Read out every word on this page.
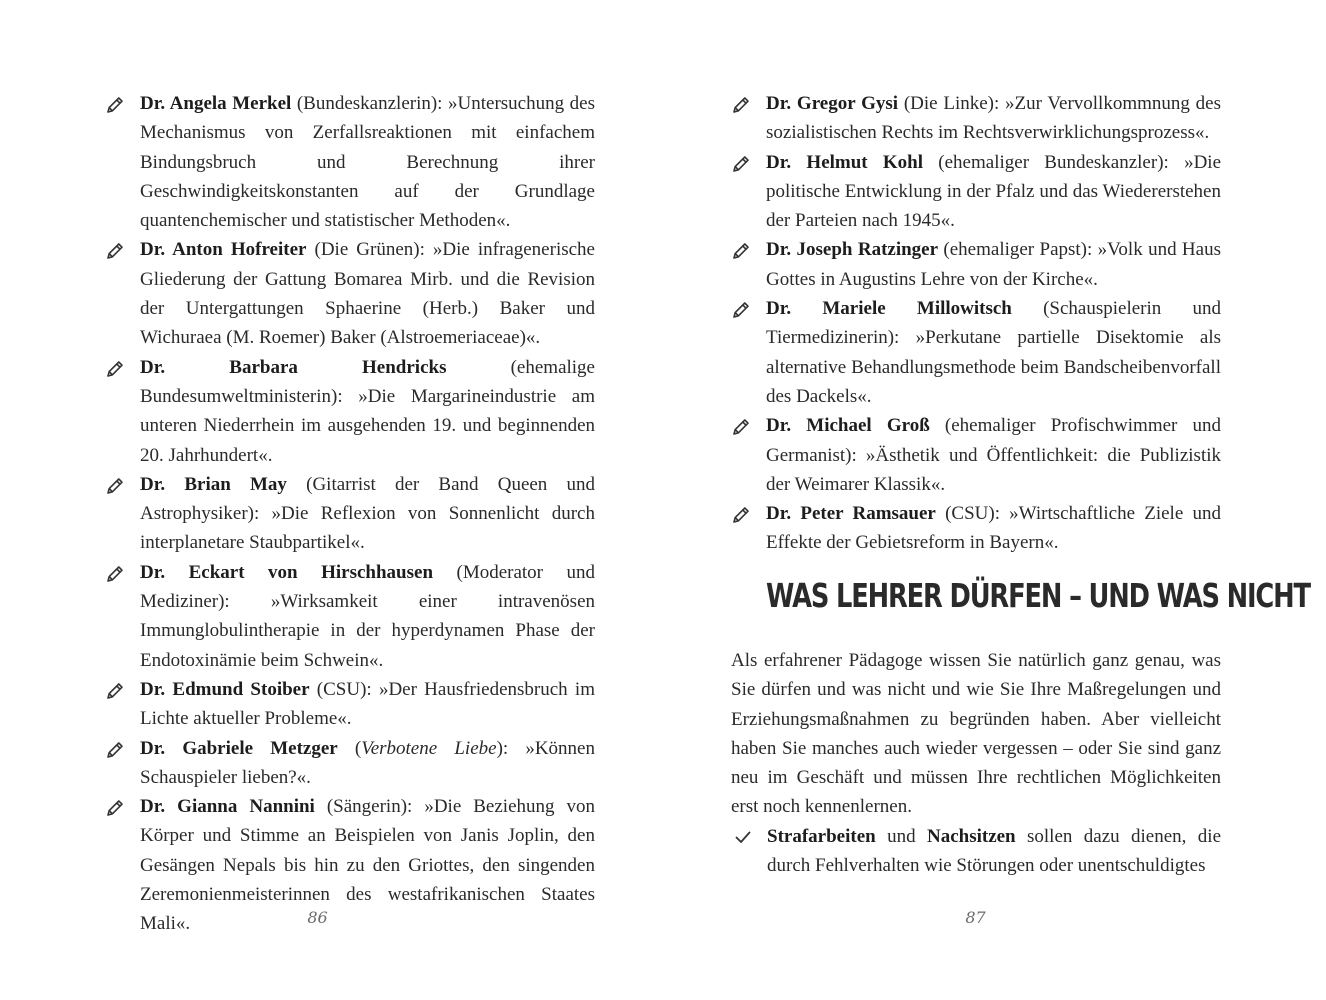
Dr. Angela Merkel (Bundeskanzlerin): »Untersuchung des Mechanismus von Zerfallsreaktionen mit einfachem Bindungsbruch und Berechnung ihrer Geschwindigkeitskonstanten auf der Grundlage quantenchemischer und statistischer Methoden«.
Dr. Anton Hofreiter (Die Grünen): »Die infragenerische Gliederung der Gattung Bomarea Mirb. und die Revision der Untergattungen Sphaerine (Herb.) Baker und Wichuraea (M. Roemer) Baker (Alstroemeriaceae)«.
Dr. Barbara Hendricks (ehemalige Bundesumweltministerin): »Die Margarineindustrie am unteren Niederrhein im ausgehenden 19. und beginnenden 20. Jahrhundert«.
Dr. Brian May (Gitarrist der Band Queen und Astrophysiker): »Die Reflexion von Sonnenlicht durch interplanetare Staubpartikel«.
Dr. Eckart von Hirschhausen (Moderator und Mediziner): »Wirksamkeit einer intravenösen Immunglobulintherapie in der hyperdynamen Phase der Endotoxinämie beim Schwein«.
Dr. Edmund Stoiber (CSU): »Der Hausfriedensbruch im Lichte aktueller Probleme«.
Dr. Gabriele Metzger (Verbotene Liebe): »Können Schauspieler lieben?«.
Dr. Gianna Nannini (Sängerin): »Die Beziehung von Körper und Stimme an Beispielen von Janis Joplin, den Gesängen Nepals bis hin zu den Griottes, den singenden Zeremonienmeisterinnen des westafrikanischen Staates Mali«.	86
Dr. Gregor Gysi (Die Linke): »Zur Vervollkommnung des sozialistischen Rechts im Rechtsverwirklichungsprozess«.
Dr. Helmut Kohl (ehemaliger Bundeskanzler): »Die politische Entwicklung in der Pfalz und das Wiedererstehen der Parteien nach 1945«.
Dr. Joseph Ratzinger (ehemaliger Papst): »Volk und Haus Gottes in Augustins Lehre von der Kirche«.
Dr. Mariele Millowitsch (Schauspielerin und Tiermedizinerin): »Perkutane partielle Disektomie als alternative Behandlungsmethode beim Bandscheibenvorfall des Dackels«.
Dr. Michael Groß (ehemaliger Profischwimmer und Germanist): »Ästhetik und Öffentlichkeit: die Publizistik der Weimarer Klassik«.
Dr. Peter Ramsauer (CSU): »Wirtschaftliche Ziele und Effekte der Gebietsreform in Bayern«.
WAS LEHRER DÜRFEN – UND WAS NICHT

Als erfahrener Pädagoge wissen Sie natürlich ganz genau, was Sie dürfen und was nicht und wie Sie Ihre Maßregelungen und Erziehungsmaßnahmen zu begründen haben. Aber vielleicht haben Sie manches auch wieder vergessen – oder Sie sind ganz neu im Geschäft und müssen Ihre rechtlichen Möglichkeiten erst noch kennenlernen.

Strafarbeiten und Nachsitzen sollen dazu dienen, die durch Fehlverhalten wie Störungen oder unentschuldigtes
87
